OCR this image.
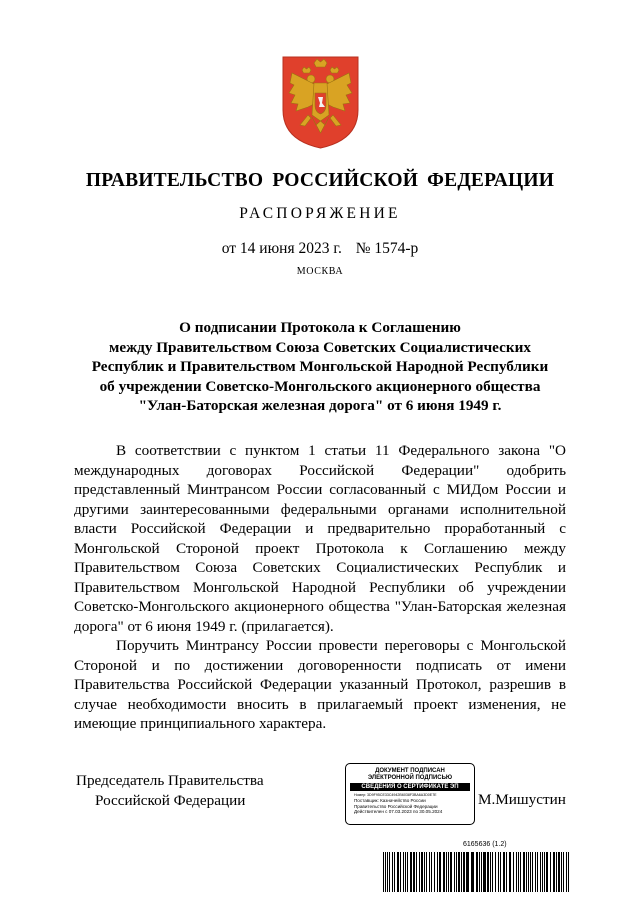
ПРАВИТЕЛЬСТВО РОССИЙСКОЙ ФЕДЕРАЦИИ
РАСПОРЯЖЕНИЕ
от 14 июня 2023 г. № 1574-р
МОСКВА
О подписании Протокола к Соглашению
между Правительством Союза Советских Социалистических
Республик и Правительством Монгольской Народной Республики
об учреждении Советско-Монгольского акционерного общества
"Улан-Баторская железная дорога" от 6 июня 1949 г.

В соответствии с пунктом 1 статьи 11 Федерального закона "О международных договорах Российской Федерации" одобрить представленный Минтрансом России согласованный с МИДом России и другими заинтересованными федеральными органами исполнительной власти Российской Федерации и предварительно проработанный с Монгольской Стороной проект Протокола к Соглашению между Правительством Союза Советских Социалистических Республик и Правительством Монгольской Народной Республики об учреждении Советско-Монгольского акционерного общества "Улан-Баторская железная дорога" от 6 июня 1949 г. (прилагается).

Поручить Минтрансу России провести переговоры с Монгольской Стороной и по достижении договоренности подписать от имени Правительства Российской Федерации указанный Протокол, разрешив в случае необходимости вносить в прилагаемый проект изменения, не имеющие принципиального характера.

Председатель Правительства
Российской Федерации
ДОКУМЕНТ ПОДПИСАН
ЭЛЕКТРОННОЙ ПОДПИСЬЮ
СВЕДЕНИЯ О СЕРТИФИКАТЕ ЭП
Номер: 3D9F95CE33C4942B6038F3BA6A3D0E7E
Поставщик: Казначейство России
Правительство Российской Федерации
Действителен с 07.03.2023 по 30.05.2024
М.Мишустин
6165636 (1.2)
